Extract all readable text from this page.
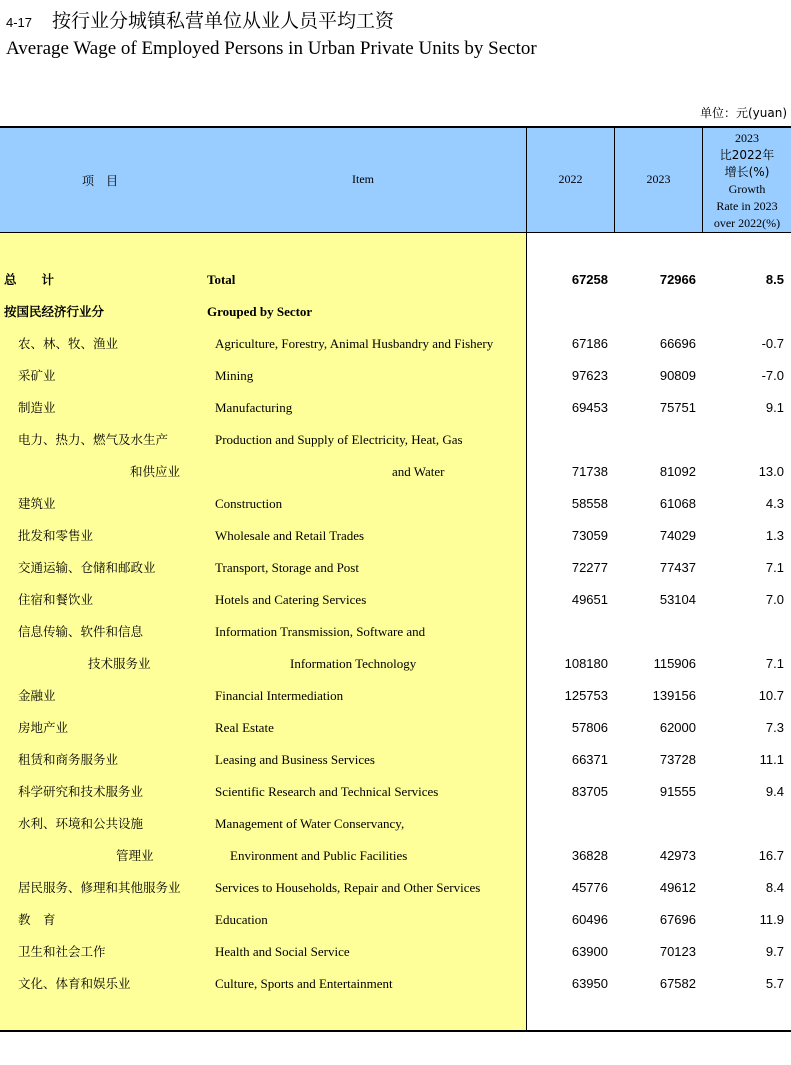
4-17 按行业分城镇私营单位从业人员平均工资
Average Wage of Employed Persons in Urban Private Units by Sector
单位：元(yuan)
项　目	Item	2022	2023
2023
比2022年
增长(%)
Growth
Rate in 2023
over 2022(%)
总　　计	Total	67258	72966	8.5
按国民经济行业分	Grouped by Sector
农、林、牧、渔业	Agriculture, Forestry, Animal Husbandry and Fishery	67186	66696	-0.7
采矿业	Mining	97623	90809	-7.0
制造业	Manufacturing	69453	75751	9.1
电力、热力、燃气及水生产	Production and Supply of Electricity, Heat, Gas
和供应业	and Water	71738	81092	13.0
建筑业	Construction	58558	61068	4.3
批发和零售业	Wholesale and Retail Trades	73059	74029	1.3
交通运输、仓储和邮政业	Transport, Storage and Post	72277	77437	7.1
住宿和餐饮业	Hotels and Catering Services	49651	53104	7.0
信息传输、软件和信息	Information Transmission, Software and
技术服务业	Information Technology	108180	115906	7.1
金融业	Financial Intermediation	125753	139156	10.7
房地产业	Real Estate	57806	62000	7.3
租赁和商务服务业	Leasing and Business Services	66371	73728	11.1
科学研究和技术服务业	Scientific Research and Technical Services	83705	91555	9.4
水利、环境和公共设施	Management of Water Conservancy,
管理业	Environment and Public Facilities	36828	42973	16.7
居民服务、修理和其他服务业	Services to Households, Repair and Other Services	45776	49612	8.4
教　育	Education	60496	67696	11.9
卫生和社会工作	Health and Social Service	63900	70123	9.7
文化、体育和娱乐业	Culture, Sports and Entertainment	63950	67582	5.7
